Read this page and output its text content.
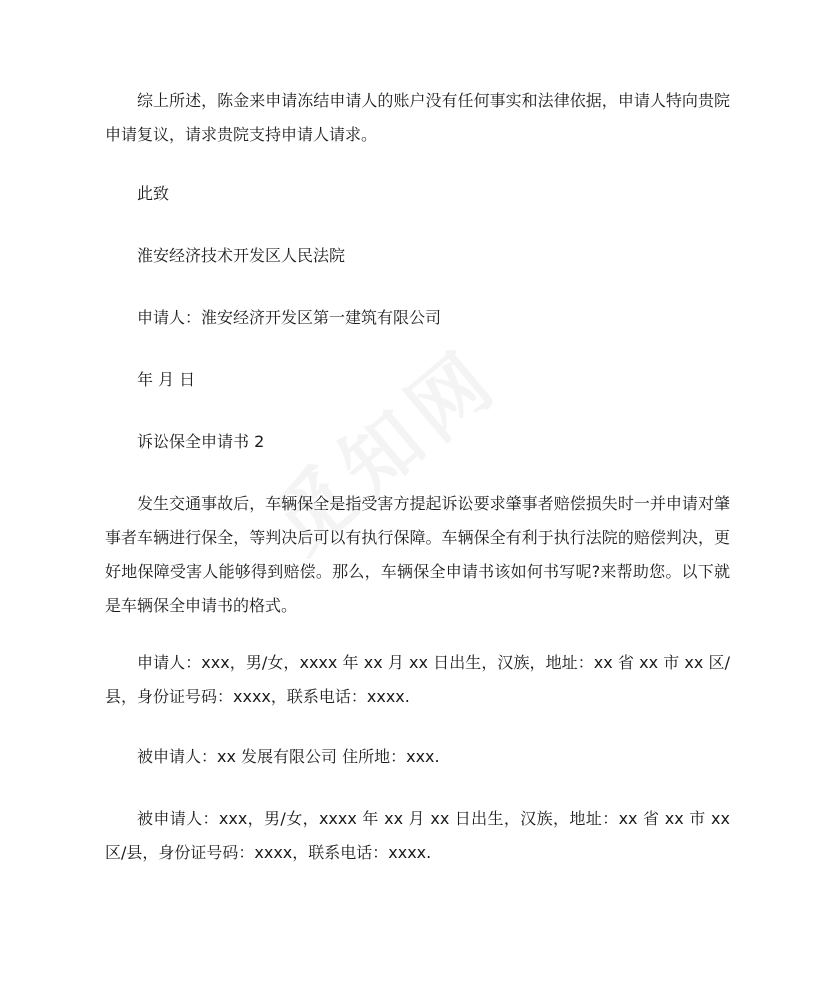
综上所述，陈金来申请冻结申请人的账户没有任何事实和法律依据，申请人特向贵院申请复议，请求贵院支持申请人请求。

此致

淮安经济技术开发区人民法院

申请人：淮安经济开发区第一建筑有限公司

年 月 日

诉讼保全申请书 2

发生交通事故后，车辆保全是指受害方提起诉讼要求肇事者赔偿损失时一并申请对肇事者车辆进行保全，等判决后可以有执行保障。车辆保全有利于执行法院的赔偿判决，更好地保障受害人能够得到赔偿。那么，车辆保全申请书该如何书写呢?来帮助您。以下就是车辆保全申请书的格式。

申请人：xxx，男/女，xxxx 年 xx 月 xx 日出生，汉族，地址：xx 省 xx 市 xx 区/县，身份证号码：xxxx，联系电话：xxxx.

被申请人：xx 发展有限公司 住所地：xxx.

被申请人：xxx，男/女，xxxx 年 xx 月 xx 日出生，汉族，地址：xx 省 xx 市 xx 区/县，身份证号码：xxxx，联系电话：xxxx.
